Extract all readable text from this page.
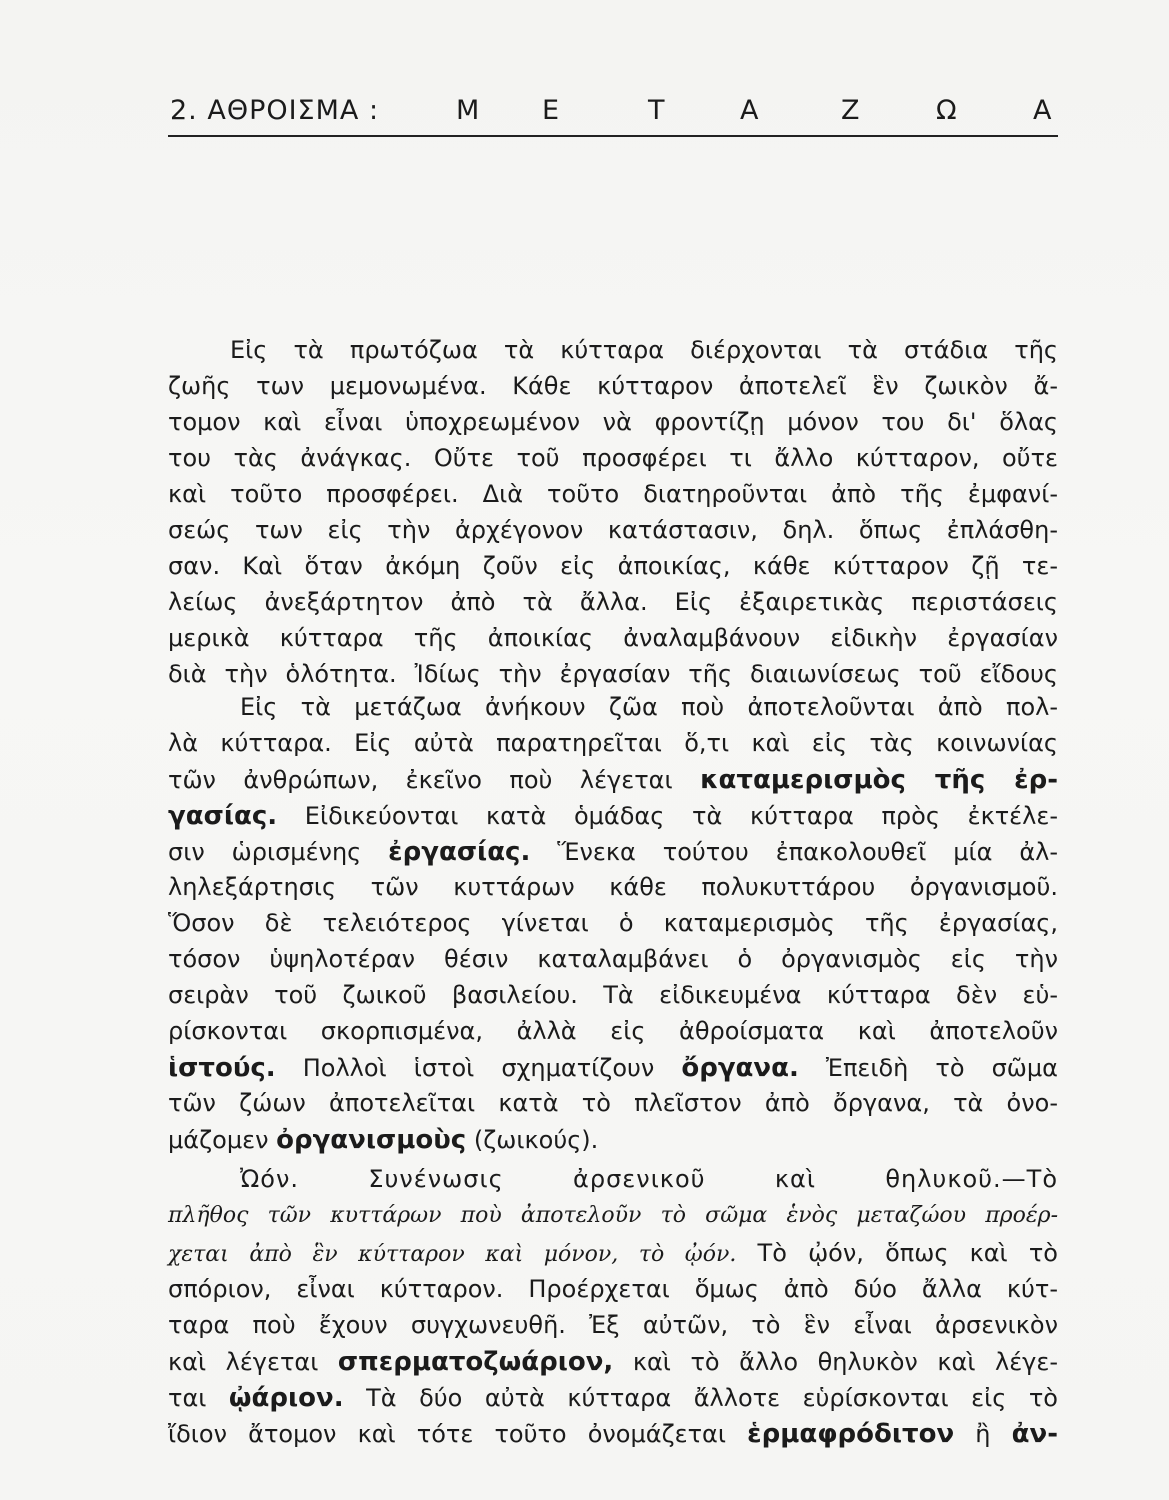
2. ΑΘΡΟΙΣΜΑ :	Μ Ε	Τ	Α	Ζ	Ω	Α
Εἰς τὰ πρωτόζωα τὰ κύτταρα διέρχονται τὰ στάδια τῆς
ζωῆς των μεμονωμένα. Κάθε κύτταρον ἀποτελεῖ ἓν ζωικὸν ἄ-
τομον καὶ εἶναι ὑποχρεωμένον νὰ φροντίζῃ μόνον του δι' ὅλας
του τὰς ἀνάγκας. Οὔτε τοῦ προσφέρει τι ἄλλο κύτταρον, οὔτε
καὶ τοῦτο προσφέρει. Διὰ τοῦτο διατηροῦνται ἀπὸ τῆς ἐμφανί-
σεώς των εἰς τὴν ἀρχέγονον κατάστασιν, δηλ. ὅπως ἐπλάσθη-
σαν. Καὶ ὅταν ἀκόμη ζοῦν εἰς ἀποικίας, κάθε κύτταρον ζῇ τε-
λείως ἀνεξάρτητον ἀπὸ τὰ ἄλλα. Εἰς ἐξαιρετικὰς περιστάσεις
μερικὰ κύτταρα τῆς ἀποικίας ἀναλαμβάνουν εἰδικὴν ἐργασίαν
διὰ τὴν ὁλότητα. Ἰδίως τὴν ἐργασίαν τῆς διαιωνίσεως τοῦ εἴδους
Εἰς τὰ μετάζωα ἀνήκουν ζῶα ποὺ ἀποτελοῦνται ἀπὸ πολ-
λὰ κύτταρα. Εἰς αὐτὰ παρατηρεῖται ὅ,τι καὶ εἰς τὰς κοινωνίας
τῶν ἀνθρώπων, ἐκεῖνο ποὺ λέγεται καταμερισμὸς τῆς ἐρ-
γασίας. Εἰδικεύονται κατὰ ὁμάδας τὰ κύτταρα πρὸς ἐκτέλε-
σιν ὡρισμένης ἐργασίας. Ἕνεκα τούτου ἐπακολουθεῖ μία ἀλ-
ληλεξάρτησις τῶν κυττάρων κάθε πολυκυττάρου ὀργανισμοῦ.
Ὅσον δὲ τελειότερος γίνεται ὁ καταμερισμὸς τῆς ἐργασίας,
τόσον ὑψηλοτέραν θέσιν καταλαμβάνει ὁ ὀργανισμὸς εἰς τὴν
σειρὰν τοῦ ζωικοῦ βασιλείου. Τὰ εἰδικευμένα κύτταρα δὲν εὑ-
ρίσκονται σκορπισμένα, ἀλλὰ εἰς ἀθροίσματα καὶ ἀποτελοῦν
ἱστούς. Πολλοὶ ἱστοὶ σχηματίζουν ὄργανα. Ἐπειδὴ τὸ σῶμα
τῶν ζώων ἀποτελεῖται κατὰ τὸ πλεῖστον ἀπὸ ὄργανα, τὰ ὀνο-
μάζομεν ὀργανισμοὺς (ζωικούς).
Ὠόν. Συνένωσις ἀρσενικοῦ καὶ θηλυκοῦ.—Τὸ
πλῆθος τῶν κυττάρων ποὺ ἀποτελοῦν τὸ σῶμα ἑνὸς μεταζώου προέρ-
χεται ἀπὸ ἓν κύτταρον καὶ μόνον, τὸ ᾠόν. Τὸ ᾠόν, ὅπως καὶ τὸ
σπόριον, εἶναι κύτταρον. Προέρχεται ὅμως ἀπὸ δύο ἄλλα κύτ-
ταρα ποὺ ἔχουν συγχωνευθῆ. Ἐξ αὐτῶν, τὸ ἓν εἶναι ἀρσενικὸν
καὶ λέγεται σπερματοζωάριον, καὶ τὸ ἄλλο θηλυκὸν καὶ λέγε-
ται ᾠάριον. Τὰ δύο αὐτὰ κύτταρα ἄλλοτε εὑρίσκονται εἰς τὸ
ἴδιον ἄτομον καὶ τότε τοῦτο ὀνομάζεται ἑρμαφρόδιτον ἢ ἀν-
